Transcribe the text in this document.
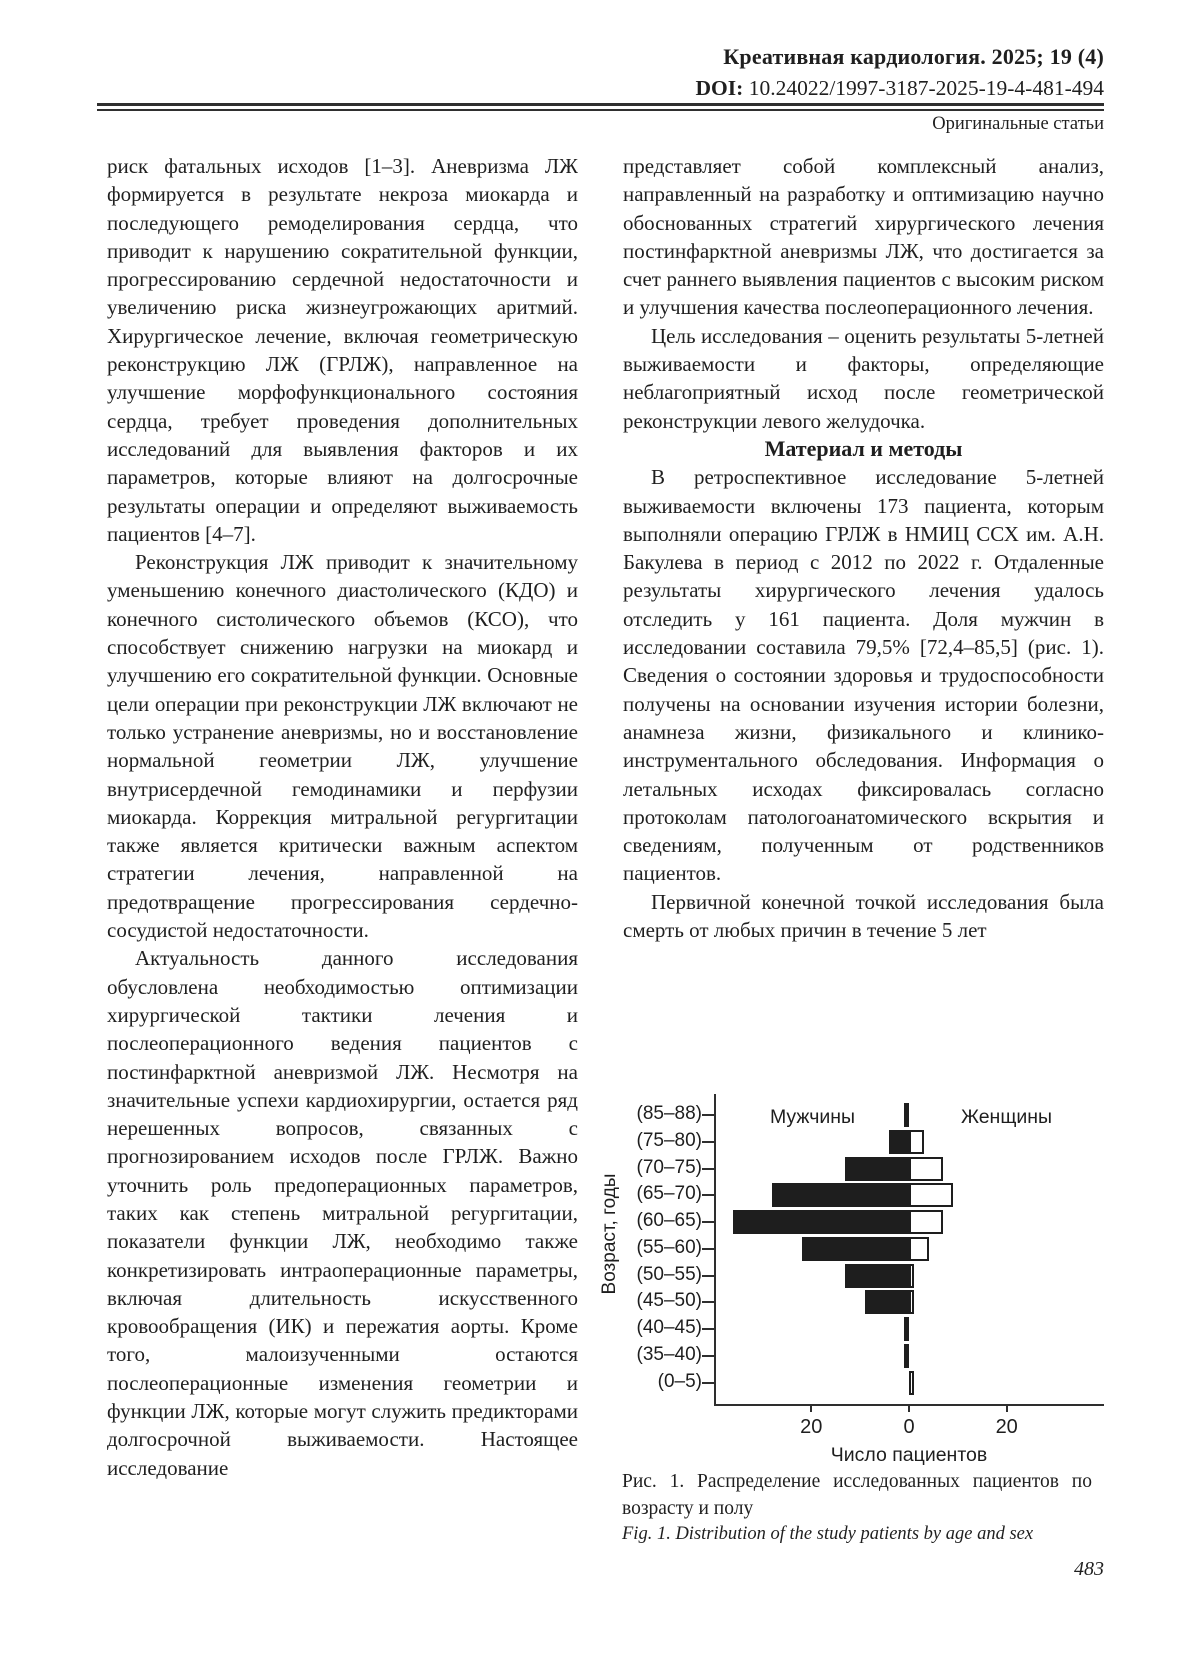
Креативная кардиология. 2025; 19 (4)
DOI: 10.24022/1997-3187-2025-19-4-481-494
Оригинальные статьи

риск фатальных исходов [1–3]. Аневризма ЛЖ формируется в результате некроза миокарда и последующего ремоделирования сердца, что приводит к нарушению сократительной функции, прогрессированию сердечной недостаточности и увеличению риска жизнеугрожающих аритмий. Хирургическое лечение, включая геометрическую реконструкцию ЛЖ (ГРЛЖ), направленное на улучшение морфофункционального состояния сердца, требует проведения дополнительных исследований для выявления факторов и их параметров, которые влияют на долгосрочные результаты операции и определяют выживаемость пациентов [4–7].

Реконструкция ЛЖ приводит к значительному уменьшению конечного диастолического (КДО) и конечного систолического объемов (КСО), что способствует снижению нагрузки на миокард и улучшению его сократительной функции. Основные цели операции при реконструкции ЛЖ включают не только устранение аневризмы, но и восстановление нормальной геометрии ЛЖ, улучшение внутрисердечной гемодинамики и перфузии миокарда. Коррекция митральной регургитации также является критически важным аспектом стратегии лечения, направленной на предотвращение прогрессирования сердечно-сосудистой недостаточности.

Актуальность данного исследования обусловлена необходимостью оптимизации хирургической тактики лечения и послеоперационного ведения пациентов с постинфарктной аневризмой ЛЖ. Несмотря на значительные успехи кардиохирургии, остается ряд нерешенных вопросов, связанных с прогнозированием исходов после ГРЛЖ. Важно уточнить роль предоперационных параметров, таких как степень митральной регургитации, показатели функции ЛЖ, необходимо также конкретизировать интраоперационные параметры, включая длительность искусственного кровообращения (ИК) и пережатия аорты. Кроме того, малоизученными остаются послеоперационные изменения геометрии и функции ЛЖ, которые могут служить предикторами долгосрочной выживаемости. Настоящее исследование

представляет собой комплексный анализ, направленный на разработку и оптимизацию научно обоснованных стратегий хирургического лечения постинфарктной аневризмы ЛЖ, что достигается за счет раннего выявления пациентов с высоким риском и улучшения качества послеоперационного лечения.

Цель исследования – оценить результаты 5-летней выживаемости и факторы, определяющие неблагоприятный исход после геометрической реконструкции левого желудочка.

Материал и методы

В ретроспективное исследование 5-летней выживаемости включены 173 пациента, которым выполняли операцию ГРЛЖ в НМИЦ ССХ им. А.Н. Бакулева в период с 2012 по 2022 г. Отдаленные результаты хирургического лечения удалось отследить у 161 пациента. Доля мужчин в исследовании составила 79,5% [72,4–85,5] (рис. 1). Сведения о состоянии здоровья и трудоспособности получены на основании изучения истории болезни, анамнеза жизни, физикального и клинико-инструментального обследования. Информация о летальных исходах фиксировалась согласно протоколам патологоанатомического вскрытия и сведениям, полученным от родственников пациентов.

Первичной конечной точкой исследования была смерть от любых причин в течение 5 лет

Мужчины	Женщины
(85–88)
(75–80)
(70–75)
(65–70)
(60–65)
(55–60)
(50–55)
(45–50)
(40–45)
(35–40)
(0–5)
20	0	20
Число пациентов
Возраст, годы
Рис. 1. Распределение исследованных пациентов по возрасту и полу
Fig. 1. Distribution of the study patients by age and sex
483
